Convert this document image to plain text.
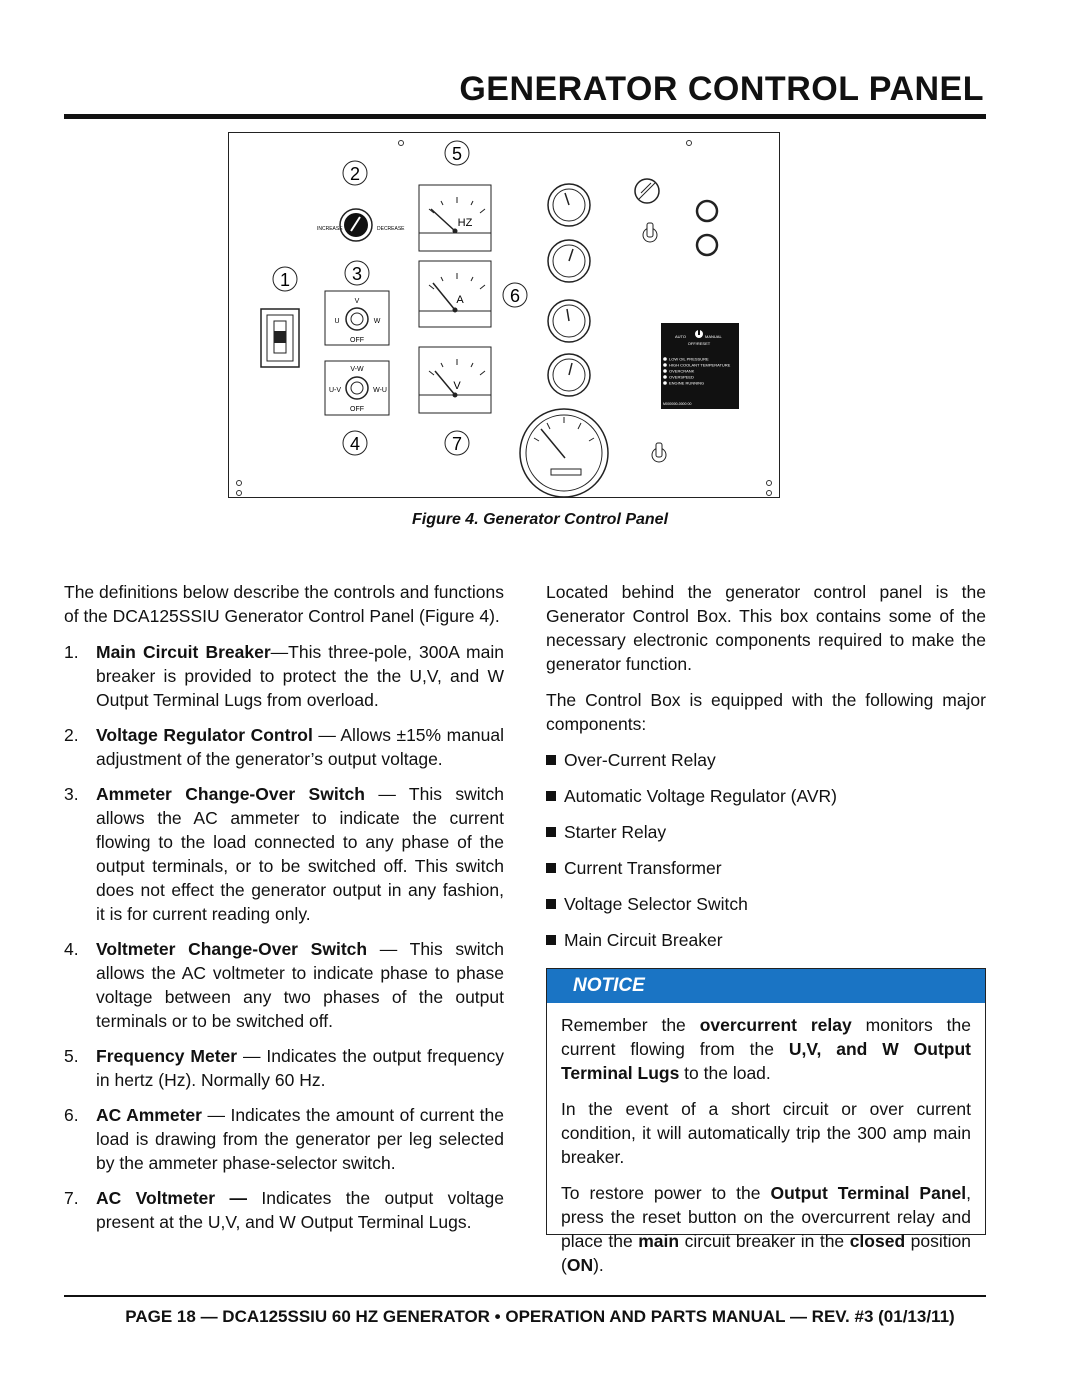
GENERATOR CONTROL PANEL
2
5
1	3
6
4	7
INCREASE	DECREASE
V
U	W
OFF
V-W
U-V	W-U
OFF
HZ
A
V
AUTO	MANUAL
OFF/RESET
LOW OIL PRESSURE
HIGH COOLANT TEMPERATURE
OVERCRANK
OVERSPEED
ENGINE RUNNING
M000000-0000 00
Figure 4. Generator Control Panel

The definitions below describe the controls and functions of the DCA125SSIU Generator Control Panel (Figure 4).

1. Main Circuit Breaker—This three-pole, 300A main breaker is provided to protect the the U,V, and W Output Terminal Lugs from overload.
2. Voltage Regulator Control — Allows ±15% manual adjustment of the generator’s output voltage.
3. Ammeter Change-Over Switch — This switch allows the AC ammeter to indicate the current flowing to the load connected to any phase of the output terminals, or to be switched off. This switch does not effect the generator output in any fashion, it is for current reading only.
4. Voltmeter Change-Over Switch — This switch allows the AC voltmeter to indicate phase to phase voltage between any two phases of the output terminals or to be switched off.
5. Frequency Meter — Indicates the output frequency in hertz (Hz). Normally 60 Hz.
6. AC Ammeter — Indicates the amount of current the load is drawing from the generator per leg selected by the ammeter phase-selector switch.
7. AC Voltmeter — Indicates the output voltage present at the U,V, and W Output Terminal Lugs.

Located behind the generator control panel is the Generator Control Box. This box contains some of the necessary electronic components required to make the generator function.

The Control Box is equipped with the following major components:

Over-Current Relay
Automatic Voltage Regulator (AVR)
Starter Relay
Current Transformer
Voltage Selector Switch
Main Circuit Breaker
NOTICE

Remember the overcurrent relay monitors the current flowing from the U,V, and W Output Terminal Lugs to the load.

In the event of a short circuit or over current condition, it will automatically trip the 300 amp main breaker.

To restore power to the Output Terminal Panel, press the reset button on the overcurrent relay and place the main circuit breaker in the closed position (ON).

PAGE 18 — DCA125SSIU 60 HZ GENERATOR • OPERATION AND PARTS MANUAL — REV. #3 (01/13/11)
